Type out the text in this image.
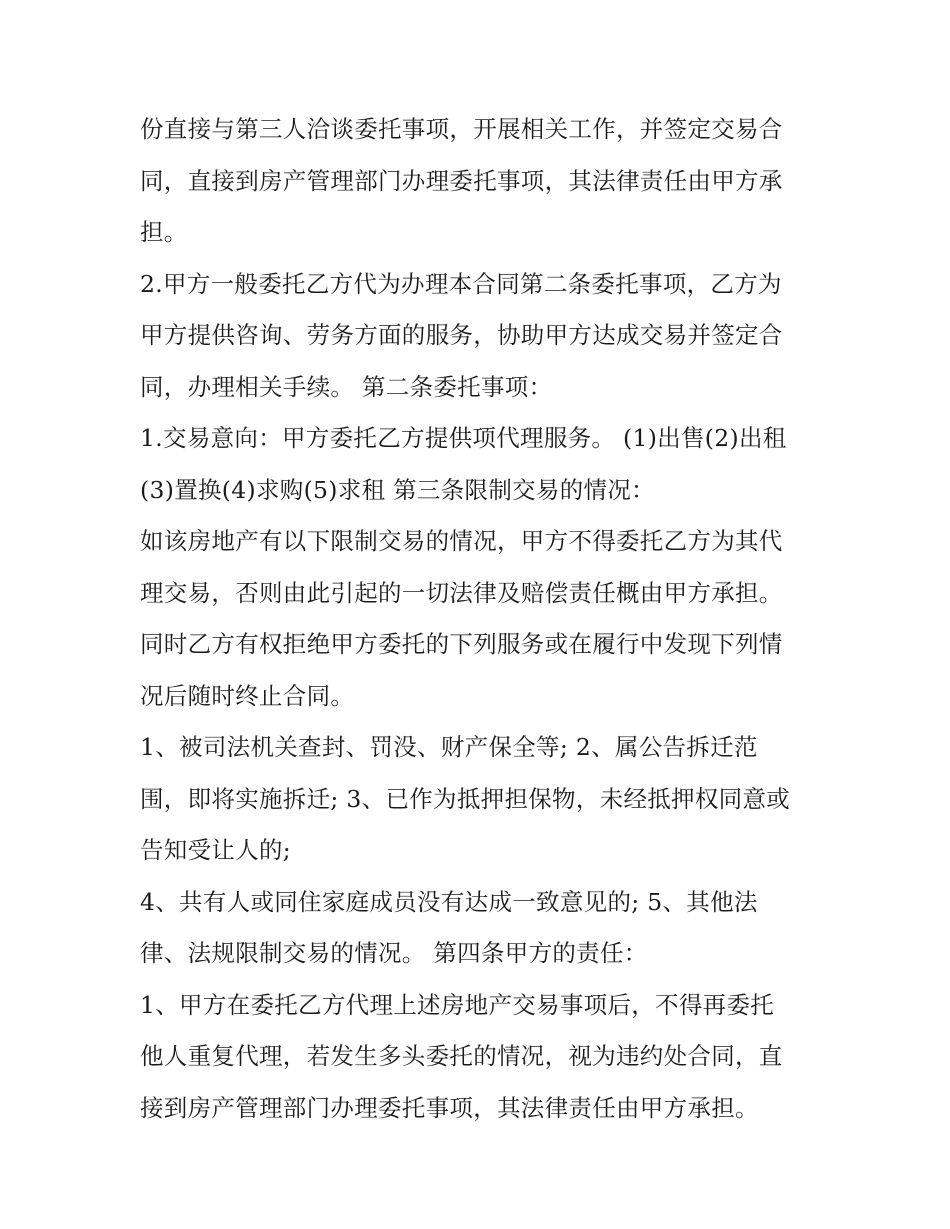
份直接与第三人洽谈委托事项，开展相关工作，并签定交易合
同，直接到房产管理部门办理委托事项，其法律责任由甲方承
担。
2.甲方一般委托乙方代为办理本合同第二条委托事项，乙方为
甲方提供咨询、劳务方面的服务，协助甲方达成交易并签定合
同，办理相关手续。 第二条委托事项：
1.交易意向：甲方委托乙方提供项代理服务。 (1)出售(2)出租
(3)置换(4)求购(5)求租 第三条限制交易的情况：
如该房地产有以下限制交易的情况，甲方不得委托乙方为其代
理交易，否则由此引起的一切法律及赔偿责任概由甲方承担。
同时乙方有权拒绝甲方委托的下列服务或在履行中发现下列情
况后随时终止合同。
1、被司法机关查封、罚没、财产保全等; 2、属公告拆迁范
围，即将实施拆迁; 3、已作为抵押担保物，未经抵押权同意或
告知受让人的;
4、共有人或同住家庭成员没有达成一致意见的; 5、其他法
律、法规限制交易的情况。 第四条甲方的责任：
1、甲方在委托乙方代理上述房地产交易事项后，不得再委托
他人重复代理，若发生多头委托的情况，视为违约处合同，直
接到房产管理部门办理委托事项，其法律责任由甲方承担。
